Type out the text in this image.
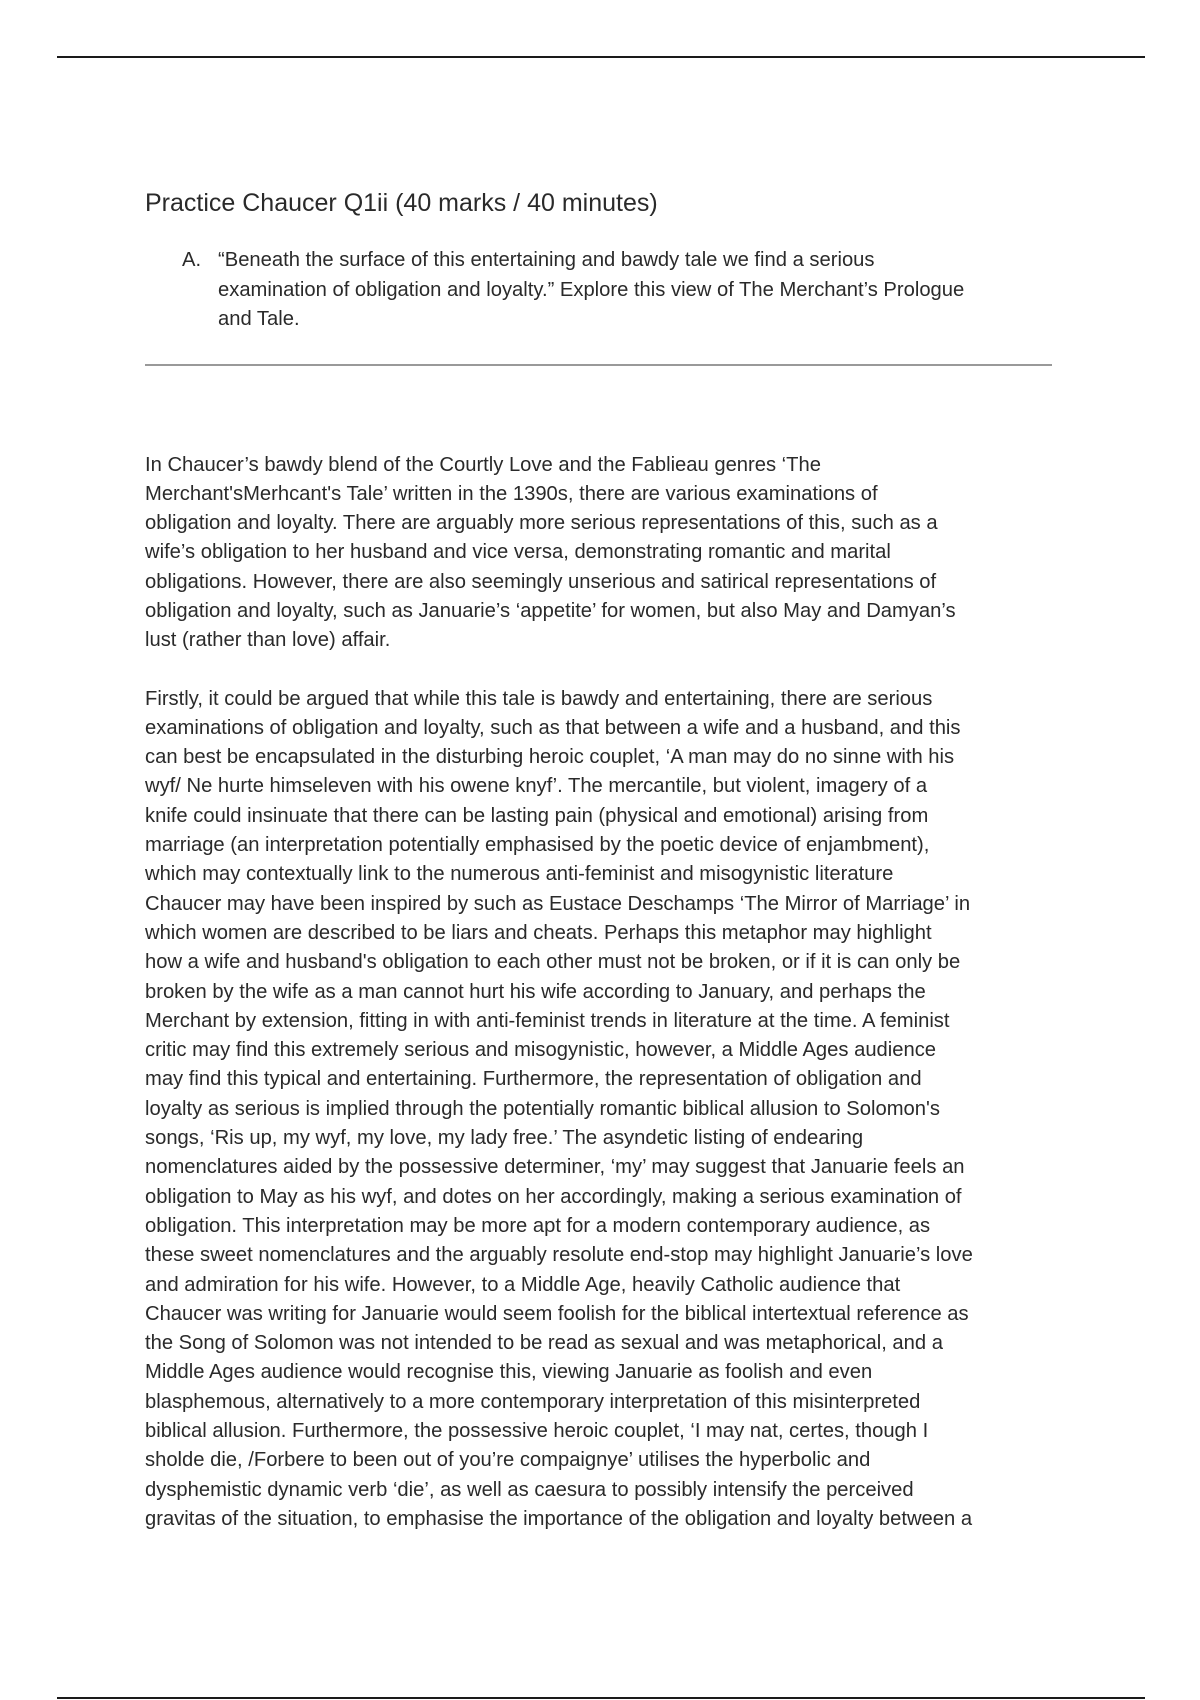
Practice Chaucer Q1ii (40 marks / 40 minutes)
A. “Beneath the surface of this entertaining and bawdy tale we find a serious
examination of obligation and loyalty.” Explore this view of The Merchant’s Prologue
and Tale.

In Chaucer’s bawdy blend of the Courtly Love and the Fablieau genres ‘The
Merchant'sMerhcant's Tale’ written in the 1390s, there are various examinations of
obligation and loyalty. There are arguably more serious representations of this, such as a
wife’s obligation to her husband and vice versa, demonstrating romantic and marital
obligations. However, there are also seemingly unserious and satirical representations of
obligation and loyalty, such as Januarie’s ‘appetite’ for women, but also May and Damyan’s
lust (rather than love) affair.

Firstly, it could be argued that while this tale is bawdy and entertaining, there are serious
examinations of obligation and loyalty, such as that between a wife and a husband, and this
can best be encapsulated in the disturbing heroic couplet, ‘A man may do no sinne with his
wyf/ Ne hurte himseleven with his owene knyf’. The mercantile, but violent, imagery of a
knife could insinuate that there can be lasting pain (physical and emotional) arising from
marriage (an interpretation potentially emphasised by the poetic device of enjambment),
which may contextually link to the numerous anti-feminist and misogynistic literature
Chaucer may have been inspired by such as Eustace Deschamps ‘The Mirror of Marriage’ in
which women are described to be liars and cheats. Perhaps this metaphor may highlight
how a wife and husband's obligation to each other must not be broken, or if it is can only be
broken by the wife as a man cannot hurt his wife according to January, and perhaps the
Merchant by extension, fitting in with anti-feminist trends in literature at the time. A feminist
critic may find this extremely serious and misogynistic, however, a Middle Ages audience
may find this typical and entertaining. Furthermore, the representation of obligation and
loyalty as serious is implied through the potentially romantic biblical allusion to Solomon's
songs, ‘Ris up, my wyf, my love, my lady free.’ The asyndetic listing of endearing
nomenclatures aided by the possessive determiner, ‘my’ may suggest that Januarie feels an
obligation to May as his wyf, and dotes on her accordingly, making a serious examination of
obligation. This interpretation may be more apt for a modern contemporary audience, as
these sweet nomenclatures and the arguably resolute end-stop may highlight Januarie’s love
and admiration for his wife. However, to a Middle Age, heavily Catholic audience that
Chaucer was writing for Januarie would seem foolish for the biblical intertextual reference as
the Song of Solomon was not intended to be read as sexual and was metaphorical, and a
Middle Ages audience would recognise this, viewing Januarie as foolish and even
blasphemous, alternatively to a more contemporary interpretation of this misinterpreted
biblical allusion. Furthermore, the possessive heroic couplet, ‘I may nat, certes, though I
sholde die, /Forbere to been out of you’re compaignye’ utilises the hyperbolic and
dysphemistic dynamic verb ‘die’, as well as caesura to possibly intensify the perceived
gravitas of the situation, to emphasise the importance of the obligation and loyalty between a
